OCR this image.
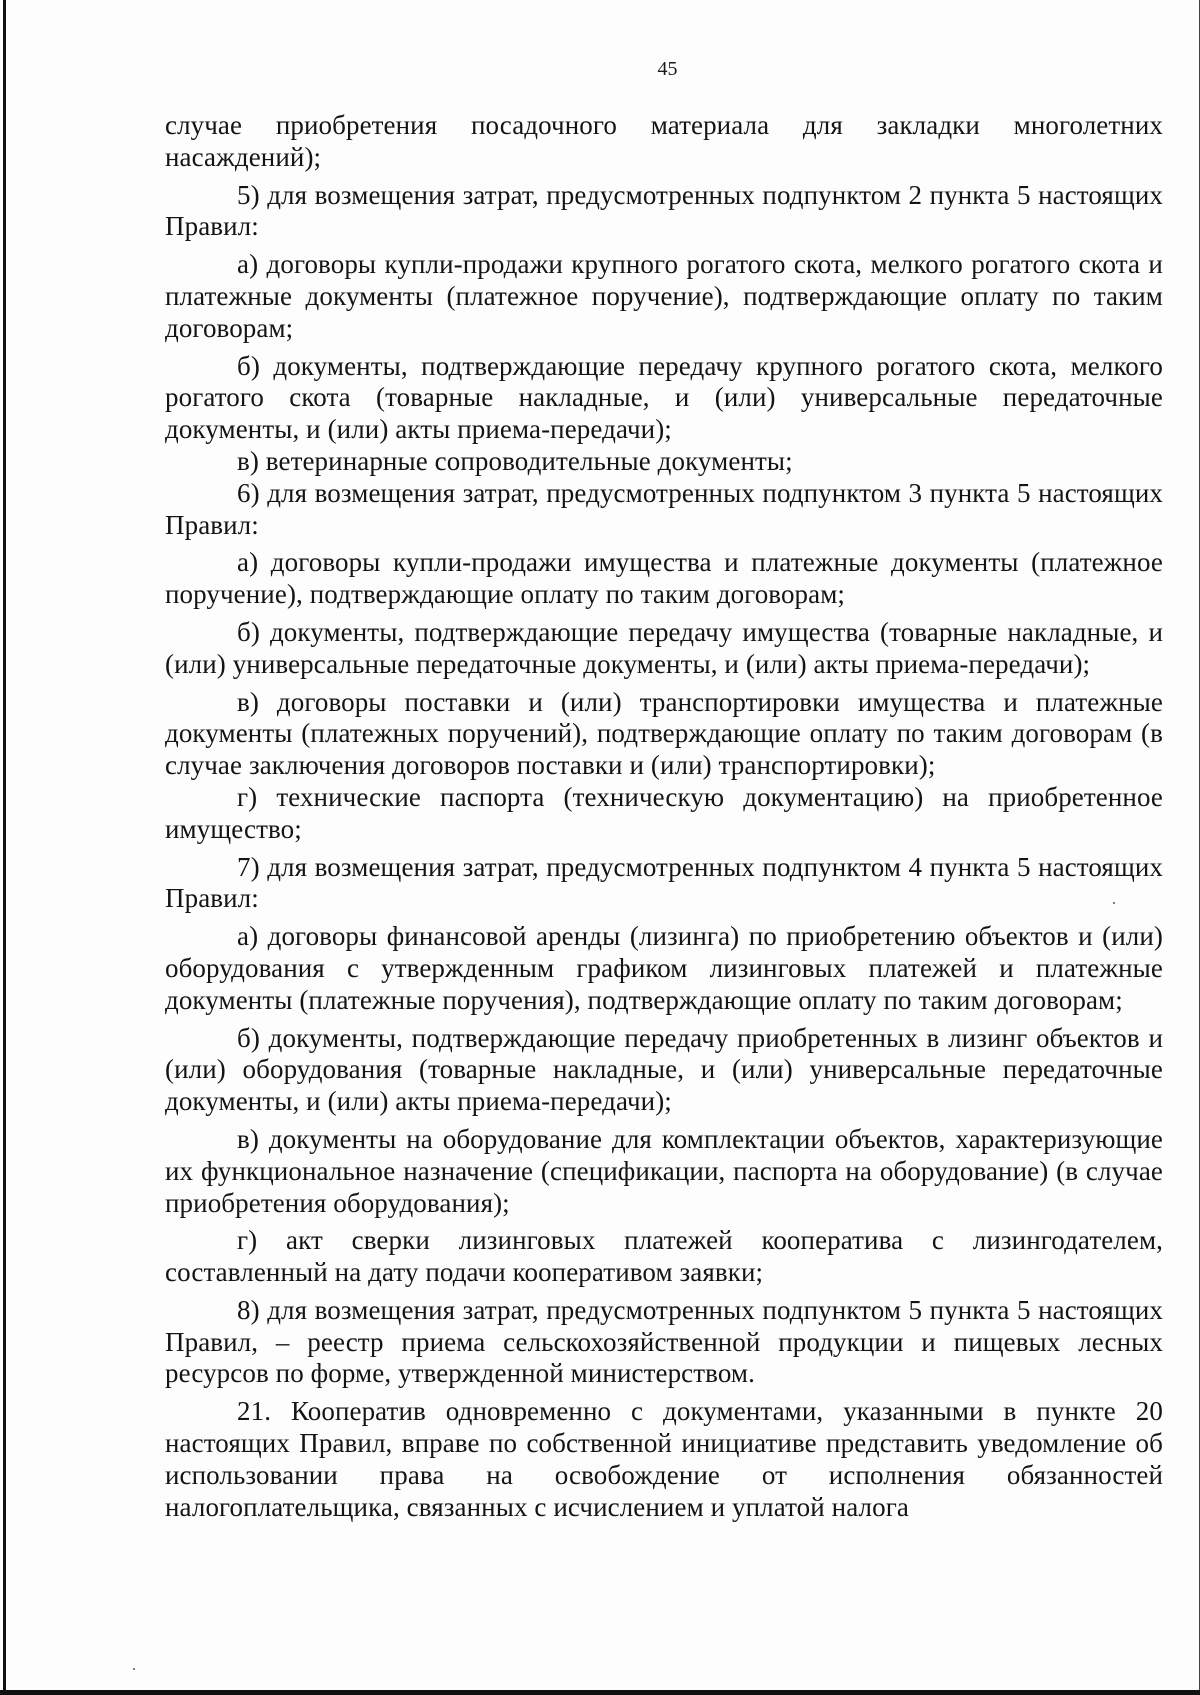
45

случае приобретения посадочного материала для закладки многолетних насаждений);

5) для возмещения затрат, предусмотренных подпунктом 2 пункта 5 настоящих Правил:

а) договоры купли-продажи крупного рогатого скота, мелкого рогатого скота и платежные документы (платежное поручение), подтверждающие оплату по таким договорам;

б) документы, подтверждающие передачу крупного рогатого скота, мелкого рогатого скота (товарные накладные, и (или) универсальные передаточные документы, и (или) акты приема-передачи);

в) ветеринарные сопроводительные документы;

6) для возмещения затрат, предусмотренных подпунктом 3 пункта 5 настоящих Правил:

а) договоры купли-продажи имущества и платежные документы (платежное поручение), подтверждающие оплату по таким договорам;

б) документы, подтверждающие передачу имущества (товарные накладные, и (или) универсальные передаточные документы, и (или) акты приема-передачи);

в) договоры поставки и (или) транспортировки имущества и платежные документы (платежных поручений), подтверждающие оплату по таким договорам (в случае заключения договоров поставки и (или) транспортировки);

г) технические паспорта (техническую документацию) на приобретенное имущество;

7) для возмещения затрат, предусмотренных подпунктом 4 пункта 5 настоящих Правил:

а) договоры финансовой аренды (лизинга) по приобретению объектов и (или) оборудования с утвержденным графиком лизинговых платежей и платежные документы (платежные поручения), подтверждающие оплату по таким договорам;

б) документы, подтверждающие передачу приобретенных в лизинг объектов и (или) оборудования (товарные накладные, и (или) универсальные передаточные документы, и (или) акты приема-передачи);

в) документы на оборудование для комплектации объектов, характеризующие их функциональное назначение (спецификации, паспорта на оборудование) (в случае приобретения оборудования);

г) акт сверки лизинговых платежей кооператива с лизингодателем, составленный на дату подачи кооперативом заявки;

8) для возмещения затрат, предусмотренных подпунктом 5 пункта 5 настоящих Правил, – реестр приема сельскохозяйственной продукции и пищевых лесных ресурсов по форме, утвержденной министерством.

21. Кооператив одновременно с документами, указанными в пункте 20 настоящих Правил, вправе по собственной инициативе представить уведомление об использовании права на освобождение от исполнения обязанностей налогоплательщика, связанных с исчислением и уплатой налога
